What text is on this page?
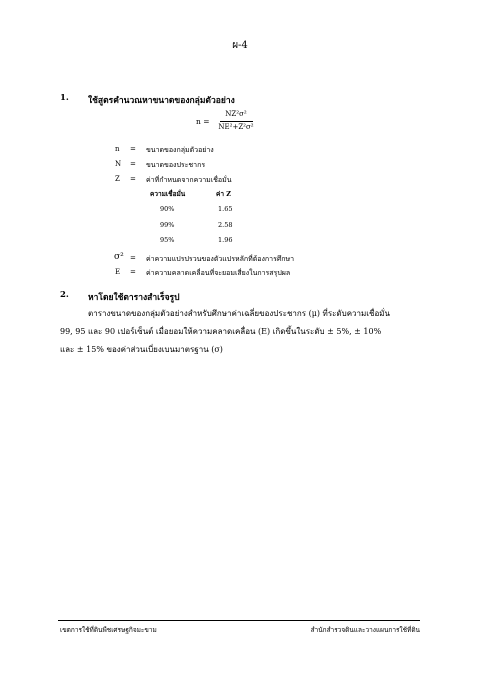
ผ-4
1. ใช้สูตรคำนวณหาขนาดของกลุ่มตัวอย่าง
n =
NZ²σ²
NE²+Z²σ²
n = ขนาดของกลุ่มตัวอย่าง
N = ขนาดของประชากร
Z = ค่าที่กำหนดจากความเชื่อมั่น
ความเชื่อมั่น	ค่า Z
90%	1.65
99%	2.58
95%	1.96
σ² = ค่าความแปรปรวนของตัวแปรหลักที่ต้องการศึกษา
E = ค่าความคลาดเคลื่อนที่จะยอมเสี่ยงในการสรุปผล
2. หาโดยใช้ตารางสำเร็จรูป
ตารางขนาดของกลุ่มตัวอย่างสำหรับศึกษาค่าเฉลี่ยของประชากร (μ) ที่ระดับความเชื่อมั่น
99, 95 และ 90 เปอร์เซ็นต์ เมื่อยอมให้ความคลาดเคลื่อน (E) เกิดขึ้นในระดับ ± 5%, ± 10%
และ ± 15% ของค่าส่วนเบี่ยงเบนมาตรฐาน (σ)
เขตการใช้ที่ดินพืชเศรษฐกิจมะขาม	สำนักสำรวจดินและวางแผนการใช้ที่ดิน
